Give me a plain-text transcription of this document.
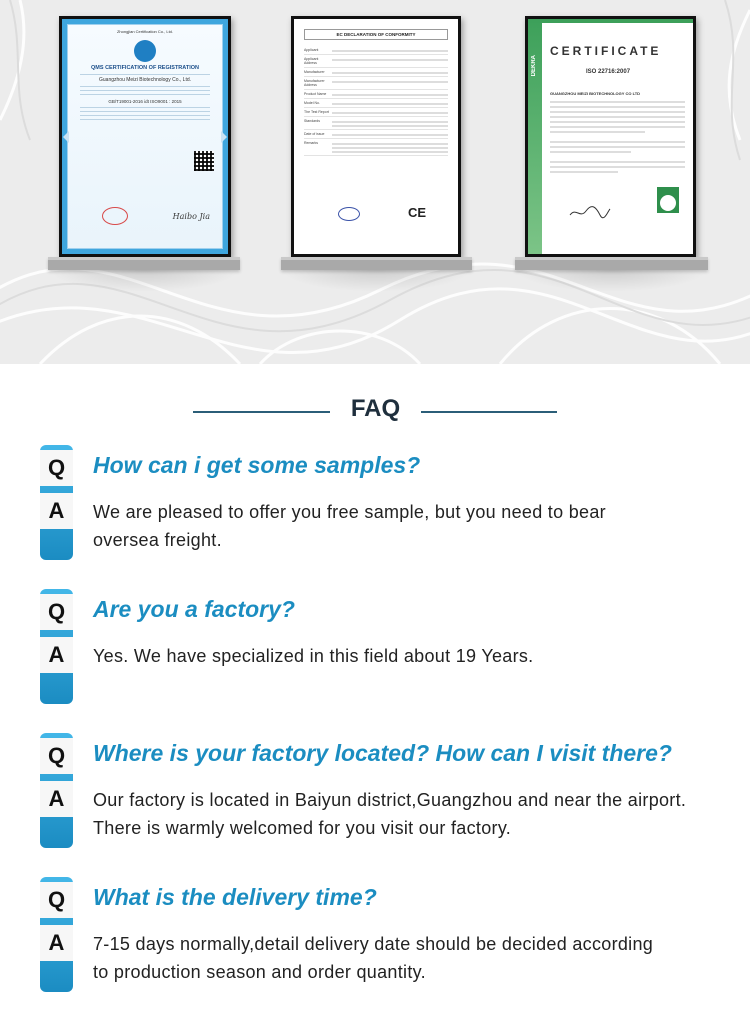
Zhongjian Certification Co., Ltd.
QMS CERTIFICATION OF REGISTRATION
Guangzhou Meizi Biotechnology Co., Ltd.
GB/T19001-2016 idt ISO9001 : 2015
Haibo Jia
EC DECLARATION OF CONFORMITY
Applicant
Applicant Address
Manufacturer
Manufacturer Address
Product Name
Model No.
The Test Report
Standards
Date of issue
Remarks
CE
DEKRA
CERTIFICATE
ISO 22716:2007
GUANGZHOU MEIZI BIOTECHNOLOGY CO LTD
FAQ
Q
A
How can i get some samples?
We are pleased to offer you free sample, but you need to bear
oversea freight.
Q
A
Are you a factory?
Yes. We have specialized in this field about 19 Years.
Q
A
Where is your factory located? How can I visit there?
Our factory is located in Baiyun district,Guangzhou and near the airport.
There is warmly welcomed for you visit our factory.
Q
A
What is the delivery time?
7-15 days normally,detail delivery date should be decided according
to production season and order quantity.
